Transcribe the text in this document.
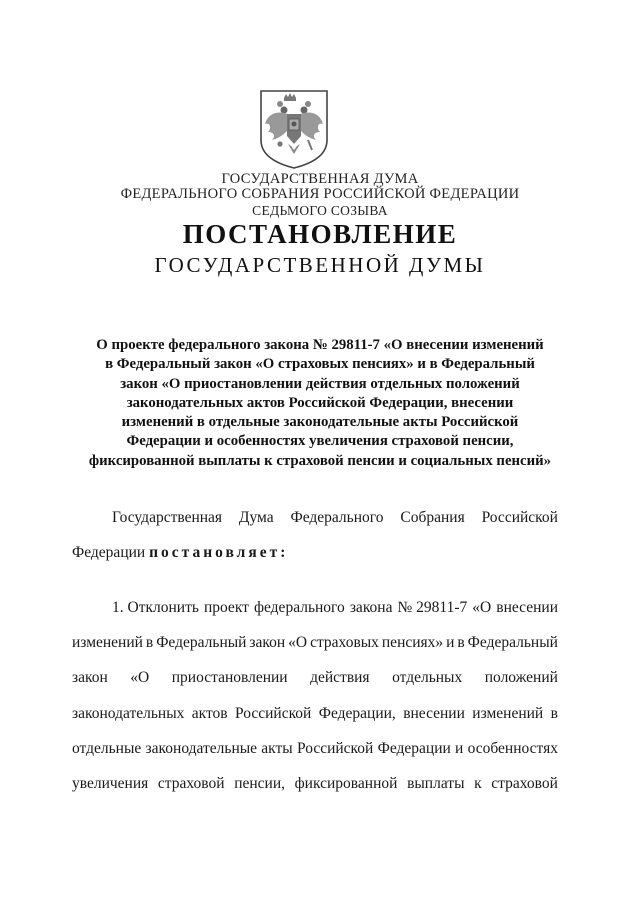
ГОСУДАРСТВЕННАЯ ДУМА
ФЕДЕРАЛЬНОГО СОБРАНИЯ РОССИЙСКОЙ ФЕДЕРАЦИИ
СЕДЬМОГО СОЗЫВА
ПОСТАНОВЛЕНИЕ
ГОСУДАРСТВЕННОЙ ДУМЫ
О проекте федерального закона № 29811-7 «О внесении изменений
в Федеральный закон «О страховых пенсиях» и в Федеральный
закон «О приостановлении действия отдельных положений
законодательных актов Российской Федерации, внесении
изменений в отдельные законодательные акты Российской
Федерации и особенностях увеличения страховой пенсии,
фиксированной выплаты к страховой пенсии и социальных пенсий»
Государственная Дума Федерального Собрания Российской
Федерации постановляет:
1. Отклонить проект федерального закона № 29811-7 «О внесении
изменений в Федеральный закон «О страховых пенсиях» и в Федеральный
закон «О приостановлении действия отдельных положений
законодательных актов Российской Федерации, внесении изменений в
отдельные законодательные акты Российской Федерации и особенностях
увеличения страховой пенсии, фиксированной выплаты к страховой
